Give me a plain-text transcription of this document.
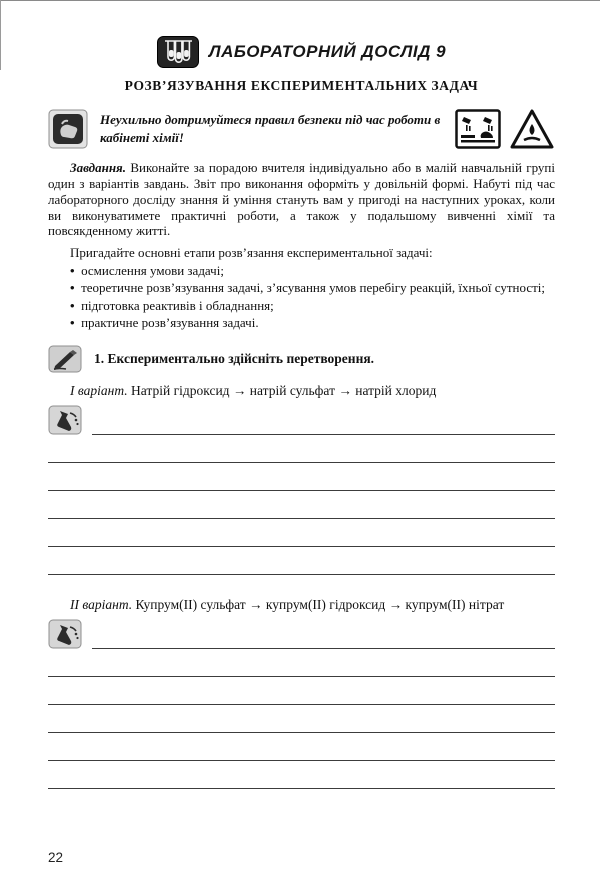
ЛАБОРАТОРНИЙ ДОСЛІД 9
РОЗВ’ЯЗУВАННЯ ЕКСПЕРИМЕНТАЛЬНИХ ЗАДАЧ

Неухильно дотримуйтеся правил безпеки під час роботи в кабінеті хімії!

Завдання. Виконайте за порадою вчителя індивідуально або в малій навчальній групі один з варіантів завдань. Звіт про виконання оформіть у довільній формі. Набуті під час лабораторного досліду знання й уміння стануть вам у пригоді на наступних уроках, коли ви виконуватимете практичні роботи, а також у подальшому вивченні хімії та повсякденному житті.

Пригадайте основні етапи розв’язання експериментальної задачі:

•  осмислення умови задачі;
•  теоретичне розв’язування задачі, з’ясування умов перебігу реакцій, їхньої сутності;
•  підготовка реактивів і обладнання;
•  практичне розв’язування задачі.
1. Експериментально здійсніть перетворення.

І варіант. Натрій гідроксид → натрій сульфат → натрій хлорид

ІІ варіант. Купрум(ІІ) сульфат → купрум(ІІ) гідроксид → купрум(ІІ) нітрат

22
